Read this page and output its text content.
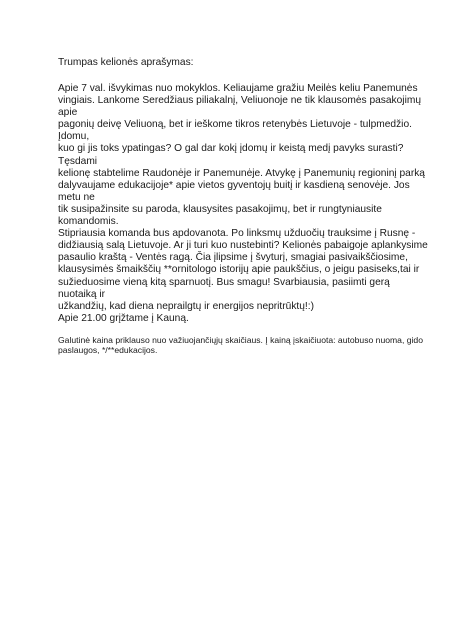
Trumpas kelionės aprašymas:

Apie 7 val. išvykimas nuo mokyklos. Keliaujame gražiu Meilės keliu Panemunės
vingiais. Lankome Seredžiaus piliakalnį, Veliuonoje ne tik klausomės pasakojimų apie
pagonių deivę Veliuoną, bet ir ieškome tikros retenybės Lietuvoje - tulpmedžio. Įdomu,
kuo gi jis toks ypatingas? O gal dar kokį įdomų ir keistą medį pavyks surasti? Tęsdami
kelionę stabtelime Raudonėje ir Panemunėje. Atvykę į Panemunių regioninį parką
dalyvaujame edukacijoje* apie vietos gyventojų buitį ir kasdieną senovėje. Jos metu ne
tik susipažinsite su paroda, klausysites pasakojimų, bet ir rungtyniausite komandomis.
Stipriausia komanda bus apdovanota. Po linksmų užduočių trauksime į Rusnę -
didžiausią salą Lietuvoje. Ar ji turi kuo nustebinti? Kelionės pabaigoje aplankysime
pasaulio kraštą - Ventės ragą. Čia įlipsime į švyturį, smagiai pasivaikščiosime,
klausysimės šmaikščių **ornitologo istorijų apie paukščius, o jeigu pasiseks,tai ir
sužieduosime vieną kitą sparnuotį. Bus smagu! Svarbiausia, pasiimti gerą nuotaiką ir
užkandžių, kad diena neprailgtų ir energijos nepritrūktų!:)
Apie 21.00 grįžtame į Kauną.

Galutinė kaina priklauso nuo važiuojančiųjų skaičiaus. Į kainą įskaičiuota: autobuso nuoma, gido
paslaugos, */**edukacijos.
